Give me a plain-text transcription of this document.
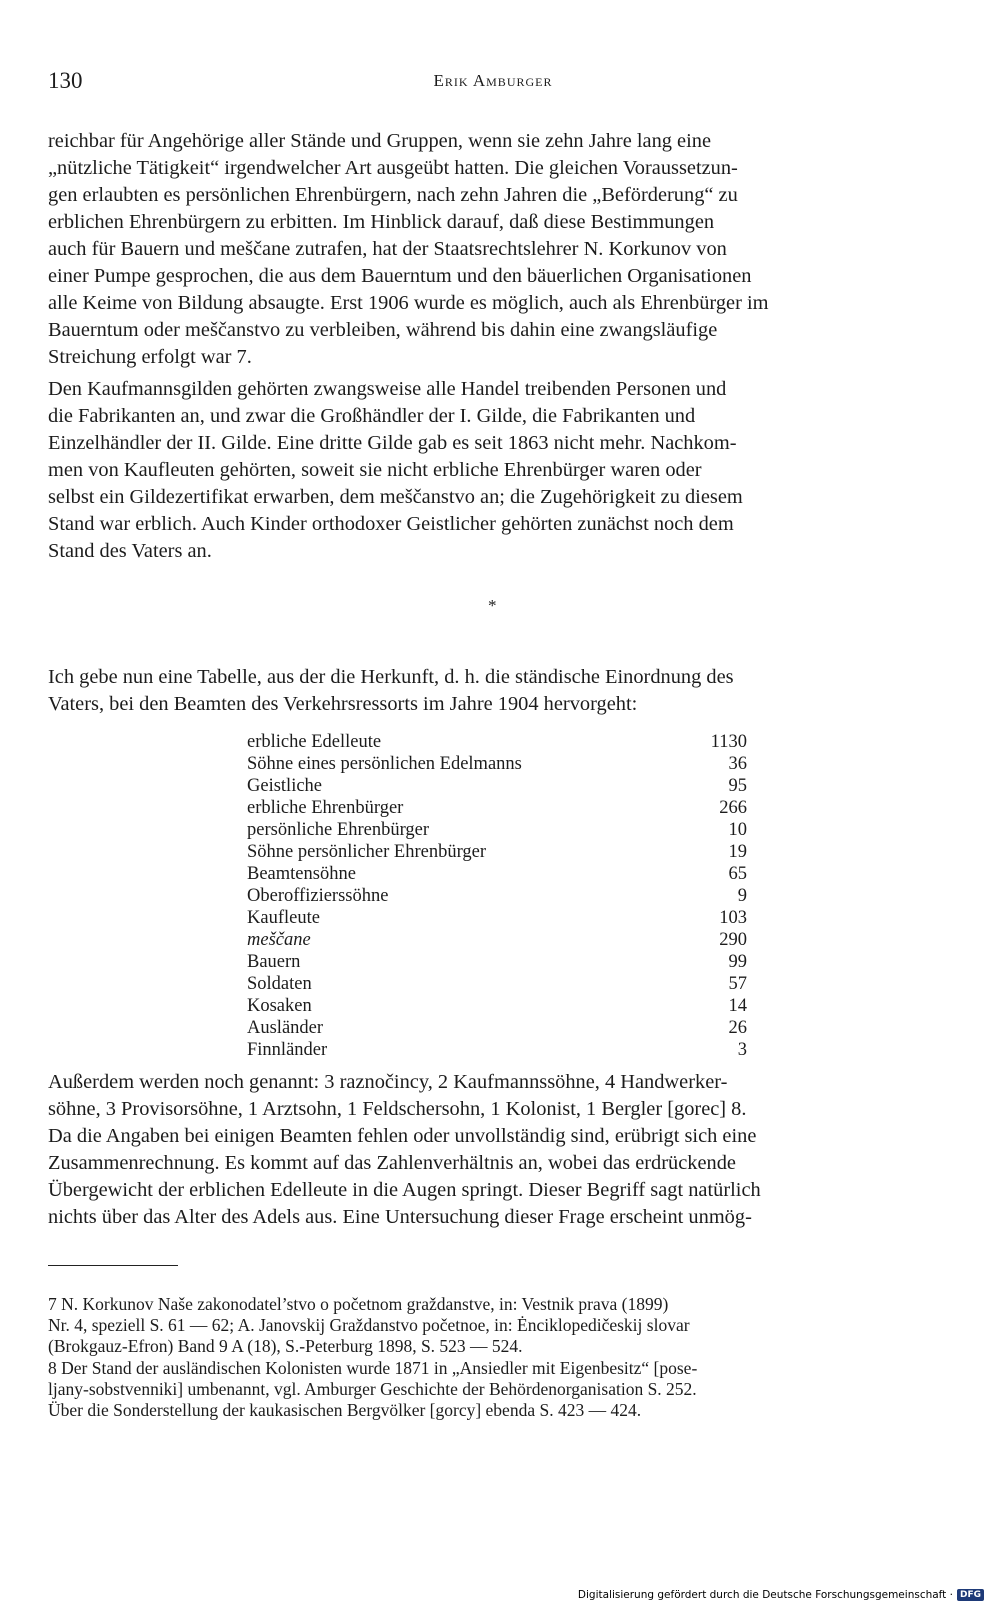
130	Erik Amburger
reichbar für Angehörige aller Stände und Gruppen, wenn sie zehn Jahre lang eine
„nützliche Tätigkeit“ irgendwelcher Art ausgeübt hatten. Die gleichen Voraussetzun-
gen erlaubten es persönlichen Ehrenbürgern, nach zehn Jahren die „Beförderung“ zu
erblichen Ehrenbürgern zu erbitten. Im Hinblick darauf, daß diese Bestimmungen
auch für Bauern und meščane zutrafen, hat der Staatsrechtslehrer N. Korkunov von
einer Pumpe gesprochen, die aus dem Bauerntum und den bäuerlichen Organisationen
alle Keime von Bildung absaugte. Erst 1906 wurde es möglich, auch als Ehrenbürger im
Bauerntum oder meščanstvo zu verbleiben, während bis dahin eine zwangsläufige
Streichung erfolgt war 7.
Den Kaufmannsgilden gehörten zwangsweise alle Handel treibenden Personen und
die Fabrikanten an, und zwar die Großhändler der I. Gilde, die Fabrikanten und
Einzelhändler der II. Gilde. Eine dritte Gilde gab es seit 1863 nicht mehr. Nachkom-
men von Kaufleuten gehörten, soweit sie nicht erbliche Ehrenbürger waren oder
selbst ein Gildezertifikat erwarben, dem meščanstvo an; die Zugehörigkeit zu diesem
Stand war erblich. Auch Kinder orthodoxer Geistlicher gehörten zunächst noch dem
Stand des Vaters an.
*
Ich gebe nun eine Tabelle, aus der die Herkunft, d. h. die ständische Einordnung des
Vaters, bei den Beamten des Verkehrsressorts im Jahre 1904 hervorgeht:
erbliche Edelleute	1130
Söhne eines persönlichen Edelmanns	36
Geistliche	95
erbliche Ehrenbürger	266
persönliche Ehrenbürger	10
Söhne persönlicher Ehrenbürger	19
Beamtensöhne	65
Oberoffizierssöhne	9
Kaufleute	103
meščane	290
Bauern	99
Soldaten	57
Kosaken	14
Ausländer	26
Finnländer	3
Außerdem werden noch genannt: 3 raznočincy, 2 Kaufmannssöhne, 4 Handwerker-
söhne, 3 Provisorsöhne, 1 Arztsohn, 1 Feldschersohn, 1 Kolonist, 1 Bergler [gorec] 8.
Da die Angaben bei einigen Beamten fehlen oder unvollständig sind, erübrigt sich eine
Zusammenrechnung. Es kommt auf das Zahlenverhältnis an, wobei das erdrückende
Übergewicht der erblichen Edelleute in die Augen springt. Dieser Begriff sagt natürlich
nichts über das Alter des Adels aus. Eine Untersuchung dieser Frage erscheint unmög-
7 N. Korkunov Naše zakonodatel’stvo o početnom graždanstve, in: Vestnik prava (1899)
Nr. 4, speziell S. 61 — 62; A. Janovskij Graždanstvo početnoe, in: Ėnciklopedičeskij slovar
(Brokgauz-Efron) Band 9 A (18), S.-Peterburg 1898, S. 523 — 524.
8 Der Stand der ausländischen Kolonisten wurde 1871 in „Ansiedler mit Eigenbesitz“ [pose-
ljany-sobstvenniki] umbenannt, vgl. Amburger Geschichte der Behördenorganisation S. 252.
Über die Sonderstellung der kaukasischen Bergvölker [gorcy] ebenda S. 423 — 424.
Digitalisierung gefördert durch die Deutsche Forschungsgemeinschaft · DFG
